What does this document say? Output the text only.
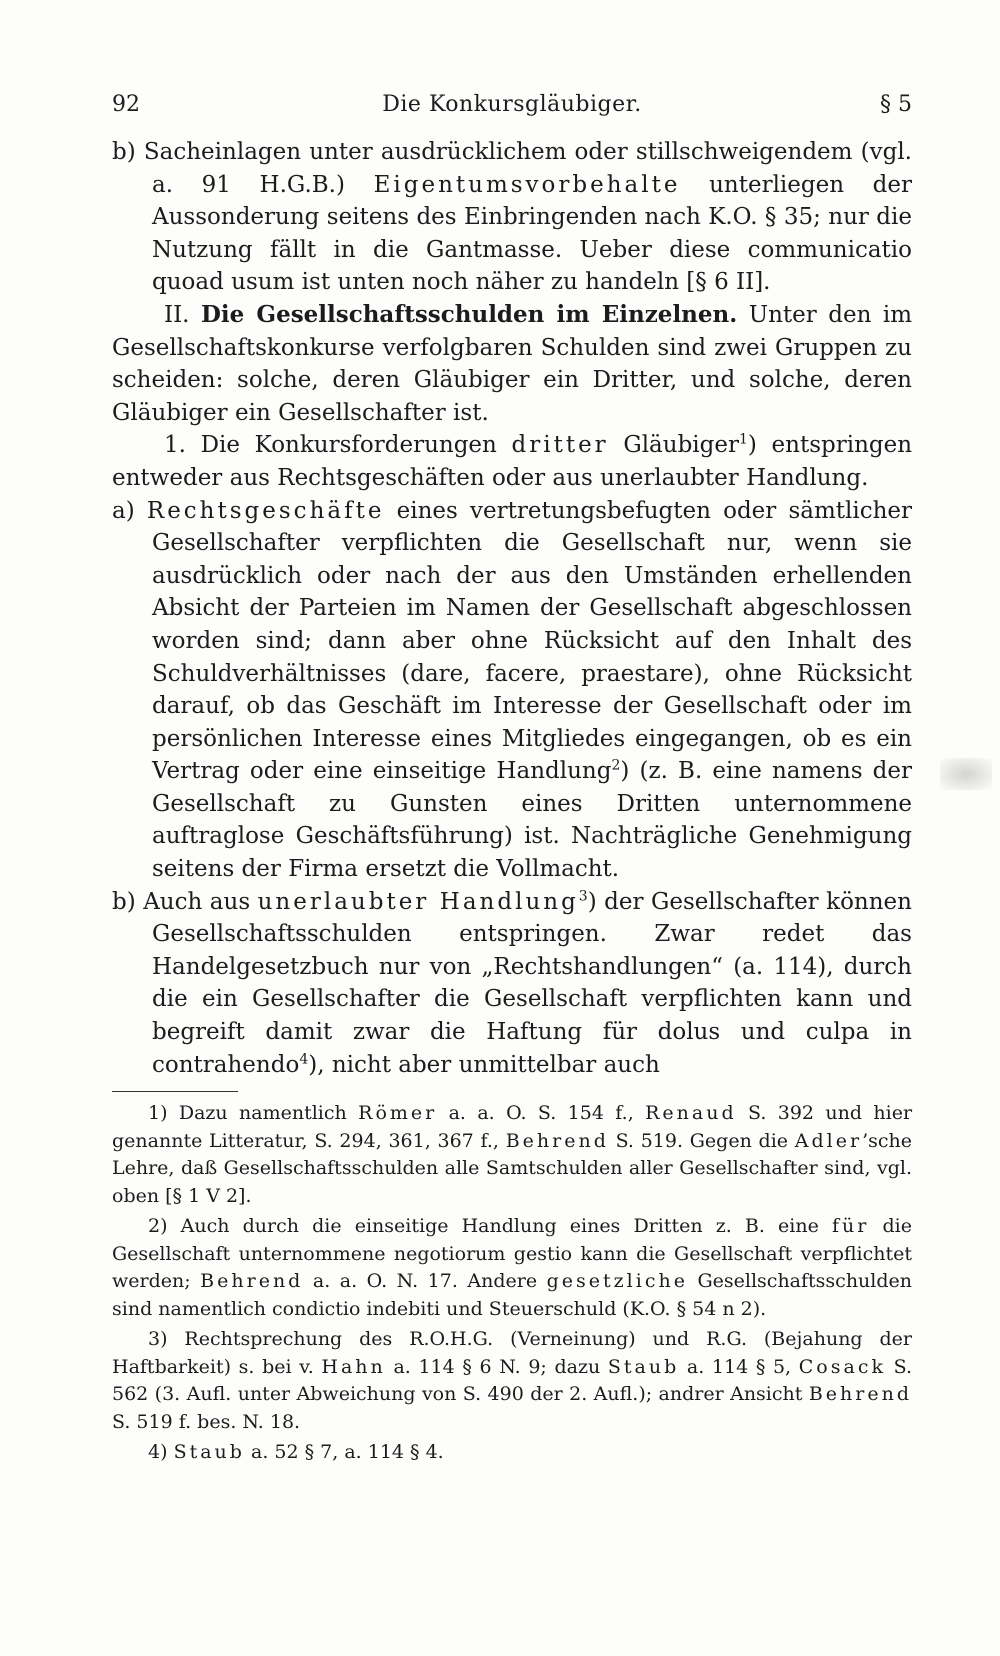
92	Die Konkursgläubiger.	§ 5

b) Sacheinlagen unter ausdrücklichem oder stillschweigendem (vgl. a. 91 H.G.B.) Eigentumsvorbehalte unterliegen der Aussonderung seitens des Einbringenden nach K.O. § 35; nur die Nutzung fällt in die Gantmasse. Ueber diese communicatio quoad usum ist unten noch näher zu handeln [§ 6 II].

II. Die Gesellschaftsschulden im Einzelnen. Unter den im Gesellschaftskonkurse verfolgbaren Schulden sind zwei Gruppen zu scheiden: solche, deren Gläubiger ein Dritter, und solche, deren Gläubiger ein Gesellschafter ist.

1. Die Konkursforderungen dritter Gläubiger$^1$) entspringen entweder aus Rechtsgeschäften oder aus unerlaubter Handlung.

a) Rechtsgeschäfte eines vertretungsbefugten oder sämtlicher Gesellschafter verpflichten die Gesellschaft nur, wenn sie ausdrücklich oder nach der aus den Umständen erhellenden Absicht der Parteien im Namen der Gesellschaft abgeschlossen worden sind; dann aber ohne Rücksicht auf den Inhalt des Schuldverhältnisses (dare, facere, praestare), ohne Rücksicht darauf, ob das Geschäft im Interesse der Gesellschaft oder im persönlichen Interesse eines Mitgliedes eingegangen, ob es ein Vertrag oder eine einseitige Handlung$^2$) (z. B. eine namens der Gesellschaft zu Gunsten eines Dritten unternommene auftraglose Geschäftsführung) ist. Nachträgliche Genehmigung seitens der Firma ersetzt die Vollmacht.

b) Auch aus unerlaubter Handlung$^3$) der Gesellschafter können Gesellschaftsschulden entspringen. Zwar redet das Handelgesetzbuch nur von „Rechtshandlungen“ (a. 114), durch die ein Gesellschafter die Gesellschaft verpflichten kann und begreift damit zwar die Haftung für dolus und culpa in contrahendo$^4$), nicht aber unmittelbar auch

1) Dazu namentlich Römer a. a. O. S. 154 f., Renaud S. 392 und hier genannte Litteratur, S. 294, 361, 367 f., Behrend S. 519. Gegen die Adler’sche Lehre, daß Gesellschaftsschulden alle Samtschulden aller Gesellschafter sind, vgl. oben [§ 1 V 2].

2) Auch durch die einseitige Handlung eines Dritten z. B. eine für die Gesellschaft unternommene negotiorum gestio kann die Gesellschaft verpflichtet werden; Behrend a. a. O. N. 17. Andere gesetzliche Gesellschaftsschulden sind namentlich condictio indebiti und Steuerschuld (K.O. § 54 n 2).

3) Rechtsprechung des R.O.H.G. (Verneinung) und R.G. (Bejahung der Haftbarkeit) s. bei v. Hahn a. 114 § 6 N. 9; dazu Staub a. 114 § 5, Cosack S. 562 (3. Aufl. unter Abweichung von S. 490 der 2. Aufl.); andrer Ansicht Behrend S. 519 f. bes. N. 18.

4) Staub a. 52 § 7, a. 114 § 4.
